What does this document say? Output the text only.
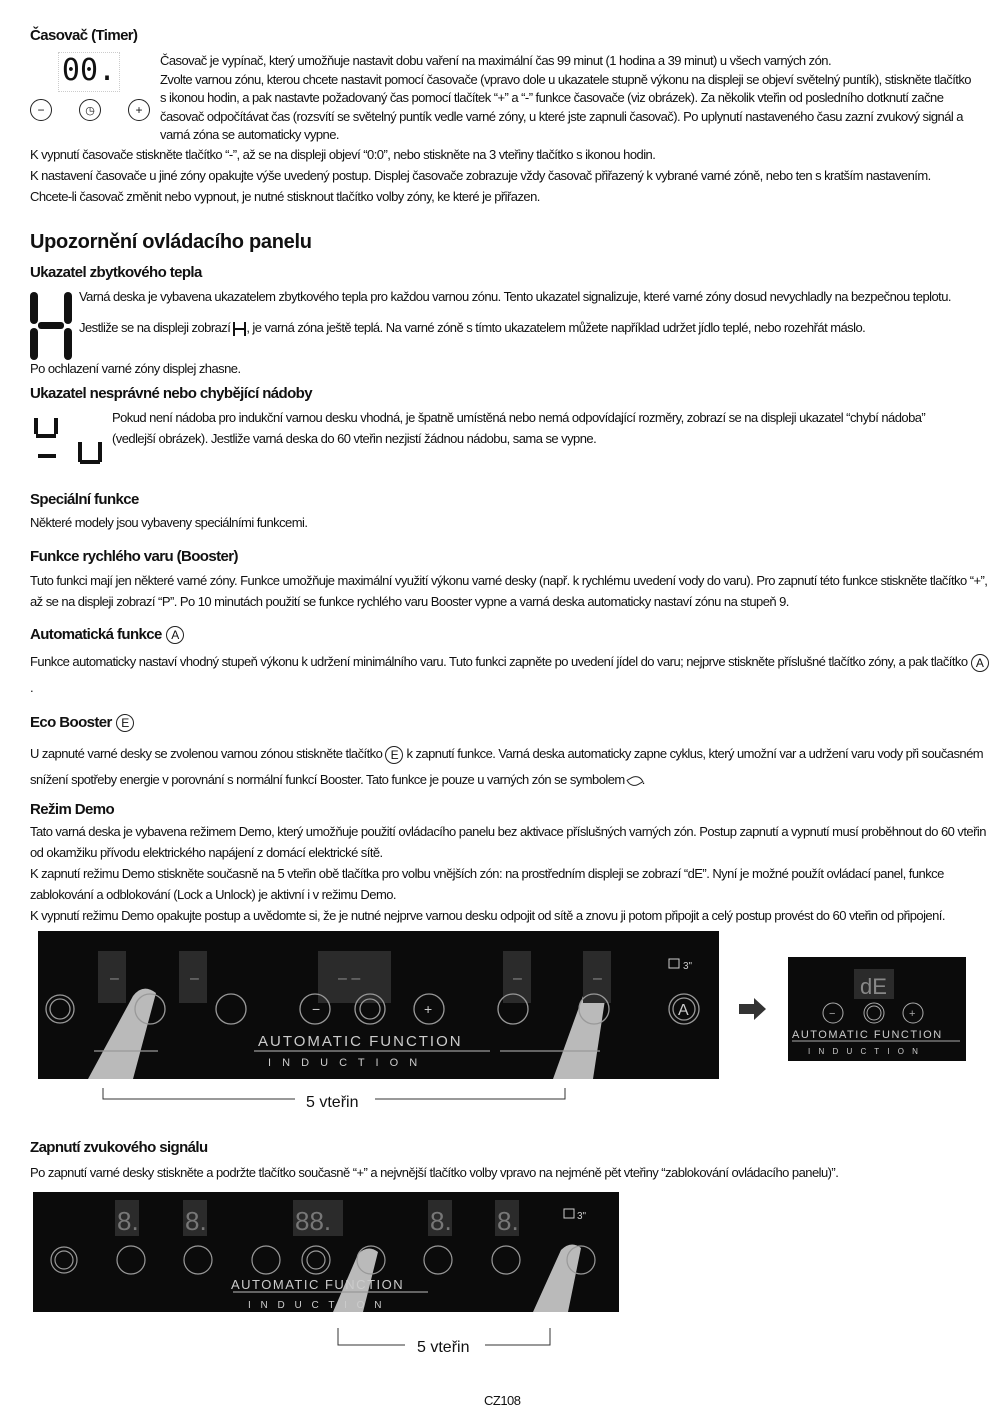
Časovač (Timer)
00.
−	◷	+

Časovač je vypínač, který umožňuje nastavit dobu vaření na maximální čas 99 minut (1 hodina a 39 minut) u všech varných zón.

Zvolte varnou zónu, kterou chcete nastavit pomocí časovače (vpravo dole u ukazatele stupně výkonu na displeji se objeví světelný puntík), stiskněte tlačítko s ikonou hodin, a pak nastavte požadovaný čas pomocí tlačítek “+” a “-” funkce časovače (viz obrázek). Za několik vteřin od posledního dotknutí začne časovač odpočítávat čas (rozsvítí se světelný puntík vedle varné zóny, u které jste zapnuli časovač). Po uplynutí nastaveného času zazní zvukový signál a varná zóna se automaticky vypne.

K vypnutí časovače stiskněte tlačítko “-”, až se na displeji objeví “0:0”, nebo stiskněte na 3 vteřiny tlačítko s ikonou hodin.

K nastavení časovače u jiné zóny opakujte výše uvedený postup. Displej časovače zobrazuje vždy časovač přiřazený k vybrané varné zóně, nebo ten s kratším nastavením.

Chcete-li časovač změnit nebo vypnout, je nutné stisknout tlačítko volby zóny, ke které je přiřazen.

Upozornění ovládacího panelu
Ukazatel zbytkového tepla

Varná deska je vybavena ukazatelem zbytkového tepla pro každou varnou zónu. Tento ukazatel signalizuje, které varné zóny dosud nevychladly na bezpečnou teplotu.

Jestliže se na displeji zobrazí , je varná zóna ještě teplá. Na varné zóně s tímto ukazatelem můžete například udržet jídlo teplé, nebo rozehřát máslo.

Po ochlazení varné zóny displej zhasne.

Ukazatel nesprávné nebo chybějící nádoby

Pokud není nádoba pro indukční varnou desku vhodná, je špatně umístěná nebo nemá odpovídající rozměry, zobrazí se na displeji ukazatel “chybí nádoba” (vedlejší obrázek). Jestliže varná deska do 60 vteřin nezjistí žádnou nádobu, sama se vypne.

Speciální funkce

Některé modely jsou vybaveny speciálními funkcemi.

Funkce rychlého varu (Booster)

Tuto funkci mají jen některé varné zóny. Funkce umožňuje maximální využití výkonu varné desky (např. k rychlému uvedení vody do varu). Pro zapnutí této funkce stiskněte tlačítko “+”, až se na displeji zobrazí “P”. Po 10 minutách použití se funkce rychlého varu Booster vypne a varná deska automaticky nastaví zónu na stupeň 9.

Automatická funkce A

Funkce automaticky nastaví vhodný stupeň výkonu k udržení minimálního varu. Tuto funkci zapněte po uvedení jídel do varu; nejprve stiskněte příslušné tlačítko zóny, a pak tlačítko A .

Eco Booster E

U zapnuté varné desky se zvolenou varnou zónou stiskněte tlačítko E k zapnutí funkce. Varná deska automaticky zapne cyklus, který umožní var a udržení varu vody při současném snížení spotřeby energie v porovnání s normální funkcí Booster. Tato funkce je pouze u varných zón se symbolem .

Režim Demo

Tato varná deska je vybavena režimem Demo, který umožňuje použití ovládacího panelu bez aktivace příslušných varných zón. Postup zapnutí a vypnutí musí proběhnout do 60 vteřin od okamžiku přívodu elektrického napájení z domácí elektrické sítě.

K zapnutí režimu Demo stiskněte současně na 5 vteřin obě tlačítka pro volbu vnějších zón: na prostředním displeji se zobrazí “dE”. Nyní je možné použít ovládací panel, funkce zablokování a odblokování (Lock a Unlock) je aktivní i v režimu Demo.

K vypnutí režimu Demo opakujte postup a uvědomte si, že je nutné nejprve varnou desku odpojit od sítě a znovu ji potom připojit a celý postup provést do 60 vteřin od připojení.

−	+
–	–	– –	–	–
A
3"
AUTOMATIC FUNCTION
I N D U C T I O N
5 vteřin
dE
−	+
AUTOMATIC FUNCTION
I N D U C T I O N
Zapnutí zvukového signálu

Po zapnutí varné desky stiskněte a podržte tlačítko současně “+” a nejvnější tlačítko volby vpravo na nejméně pět vteřiny “zablokování ovládacího panelu)”.

8. 8.	88.	8. 8.	3"
AUTOMATIC FUNCTION
I N D U C T I O N
5 vteřin
CZ108
